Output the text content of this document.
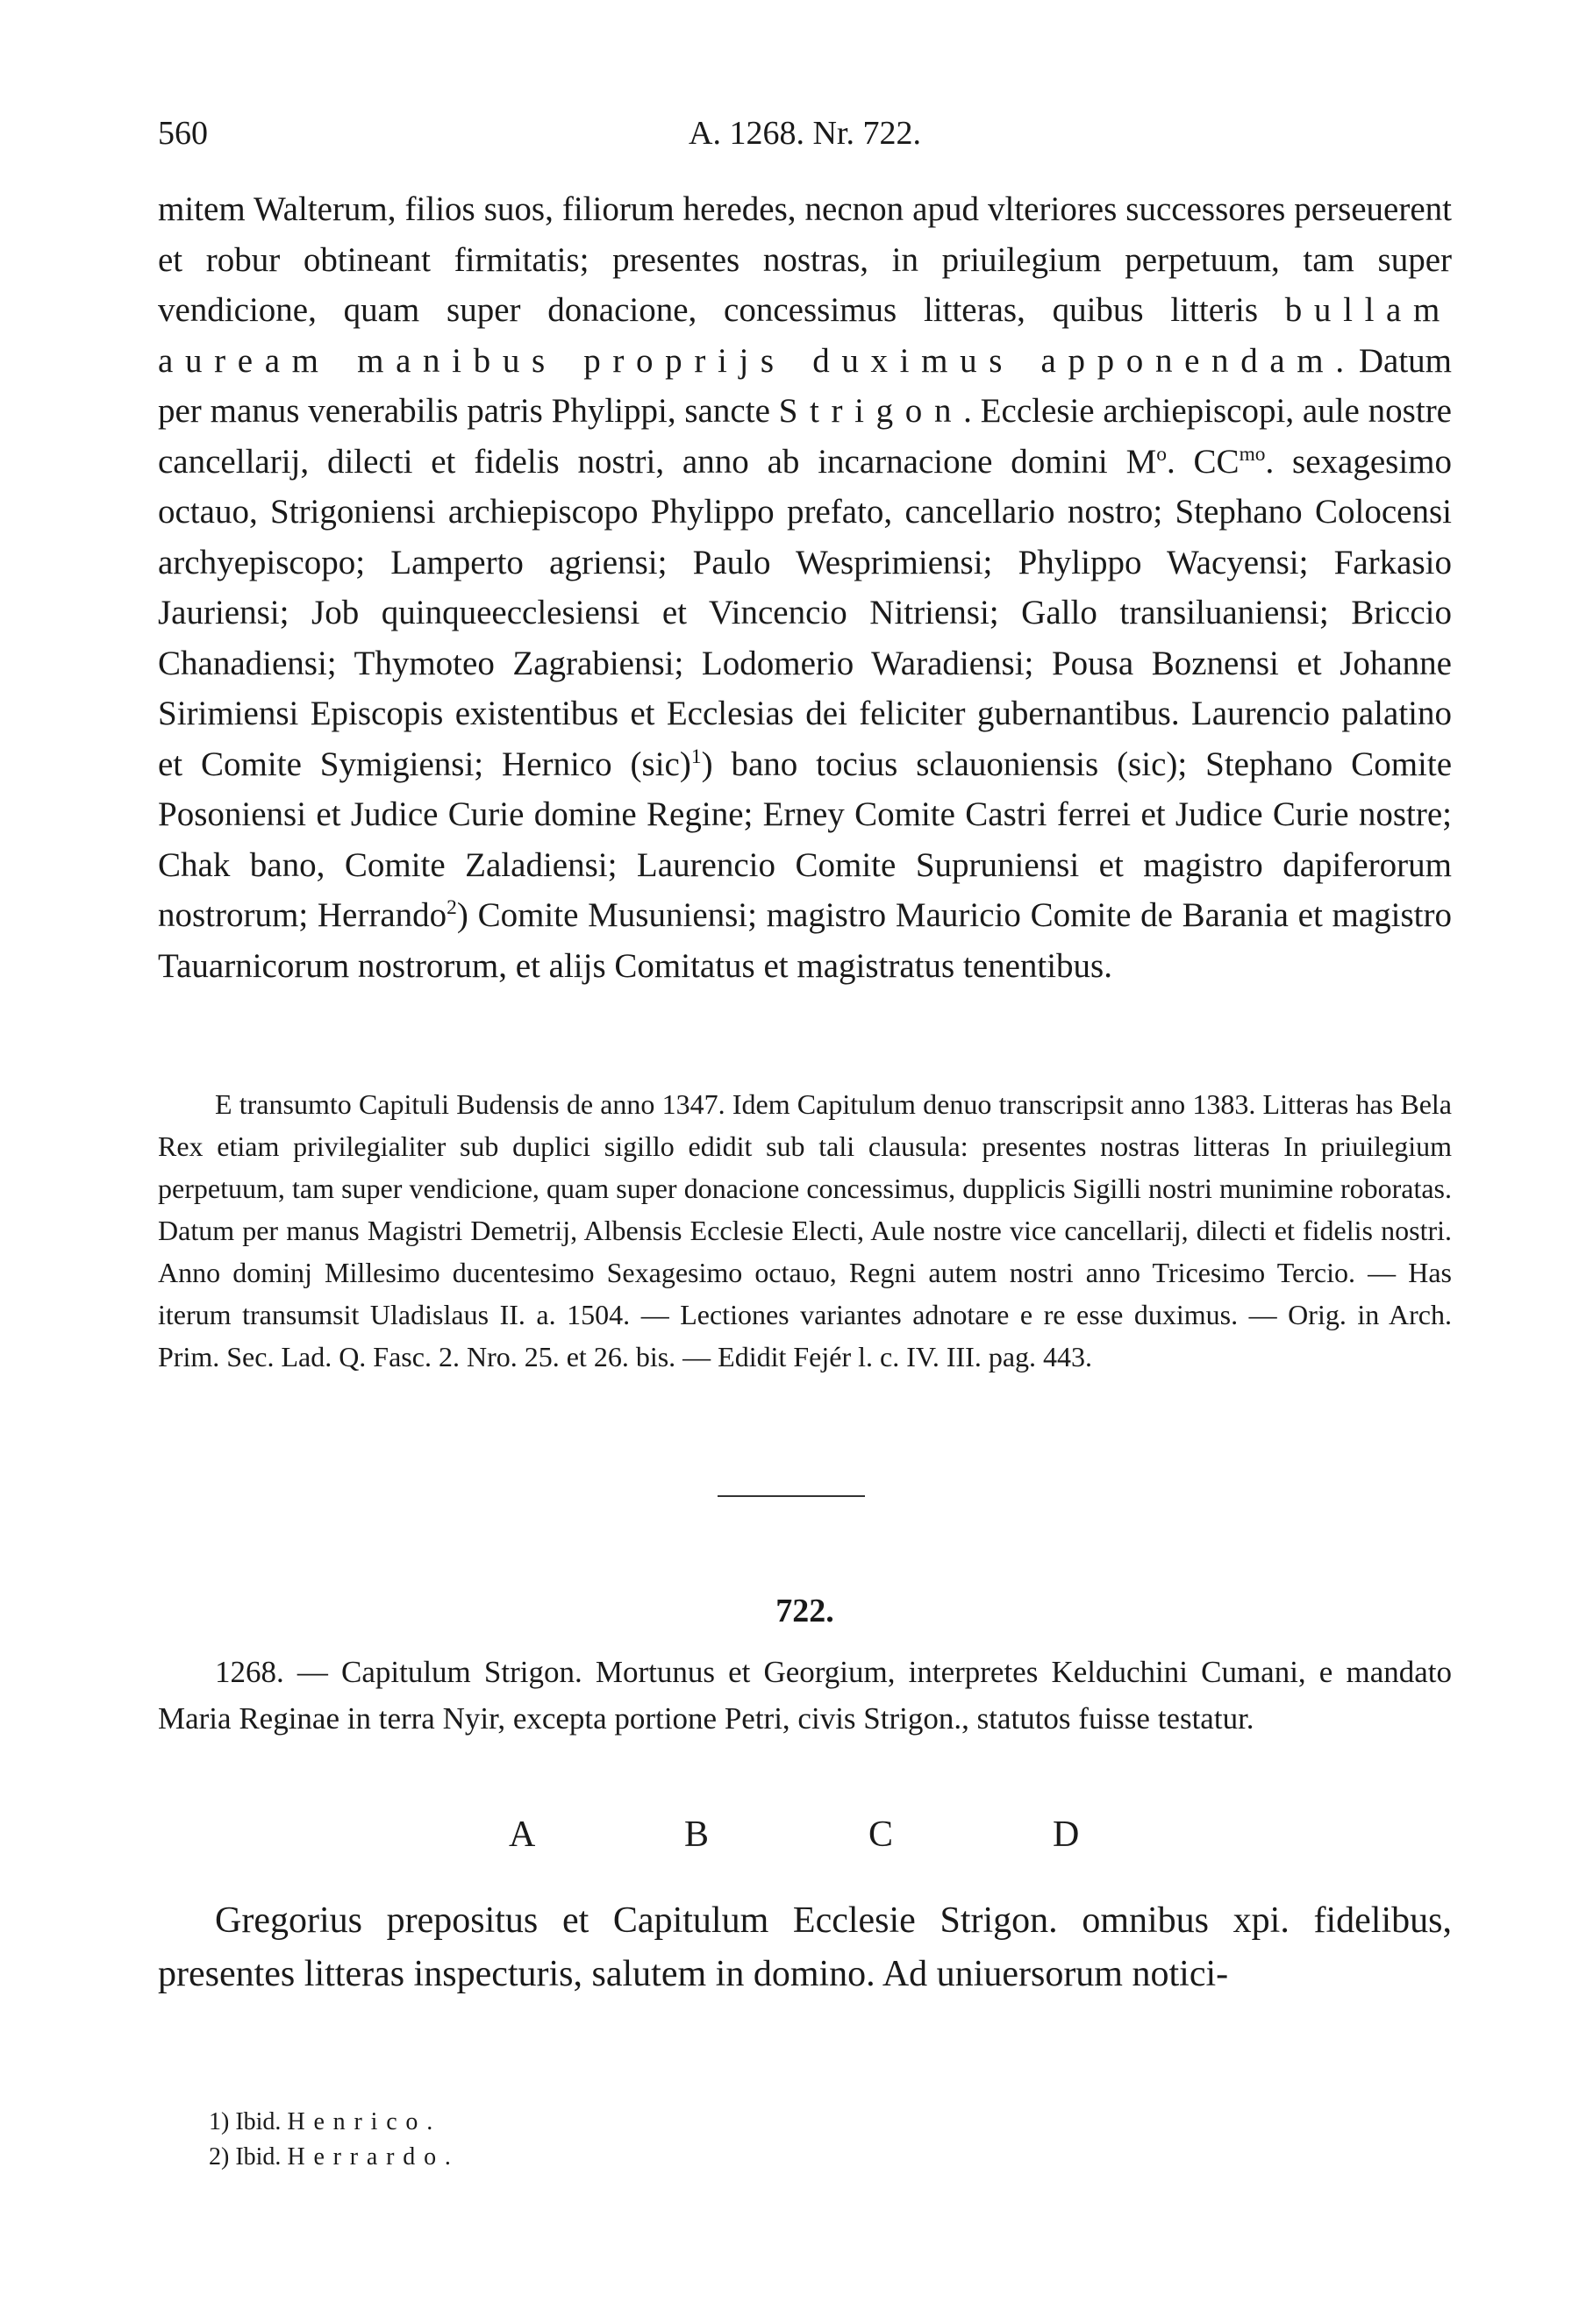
560	A. 1268. Nr. 722.

mitem Walterum, filios suos, filiorum heredes, necnon apud vlteriores successores perseuerent et robur obtineant firmitatis; presentes nostras, in priuilegium perpetuum, tam super vendicione, quam super donacione, concessimus litteras, quibus litteris bullam auream manibus proprijs duximus apponendam. Datum per manus venerabilis patris Phylippi, sancte Strigon. Ecclesie archiepiscopi, aule nostre cancellarij, dilecti et fidelis nostri, anno ab incarnacione domini $M^o$. $CC^{mo}$. sexagesimo octauo, Strigoniensi archiepiscopo Phylippo prefato, cancellario nostro; Stephano Colocensi archyepiscopo; Lamperto agriensi; Paulo Wesprimiensi; Phylippo Wacyensi; Farkasio Jauriensi; Job quinqueecclesiensi et Vincencio Nitriensi; Gallo transiluaniensi; Briccio Chanadiensi; Thymoteo Zagrabiensi; Lodomerio Waradiensi; Pousa Boznensi et Johanne Sirimiensi Episcopis existentibus et Ecclesias dei feliciter gubernantibus. Laurencio palatino et Comite Symigiensi; Hernico (sic)$^1$) bano tocius sclauoniensis (sic); Stephano Comite Posoniensi et Judice Curie domine Regine; Erney Comite Castri ferrei et Judice Curie nostre; Chak bano, Comite Zaladiensi; Laurencio Comite Supruniensi et magistro dapiferorum nostrorum; Herrando$^2$) Comite Musuniensi; magistro Mauricio Comite de Barania et magistro Tauarnicorum nostrorum, et alijs Comitatus et magistratus tenentibus.

E transumto Capituli Budensis de anno 1347. Idem Capitulum denuo transcripsit anno 1383. Litteras has Bela Rex etiam privilegialiter sub duplici sigillo edidit sub tali clausula: presentes nostras litteras In priuilegium perpetuum, tam super vendicione, quam super donacione concessimus, dupplicis Sigilli nostri munimine roboratas. Datum per manus Magistri Demetrij, Albensis Ecclesie Electi, Aule nostre vice cancellarij, dilecti et fidelis nostri. Anno dominj Millesimo ducentesimo Sexagesimo octauo, Regni autem nostri anno Tricesimo Tercio. — Has iterum transumsit Uladislaus II. a. 1504. — Lectiones variantes adnotare e re esse duximus. — Orig. in Arch. Prim. Sec. Lad. Q. Fasc. 2. Nro. 25. et 26. bis. — Edidit Fejér l. c. IV. III. pag. 443.

722.

1268. — Capitulum Strigon. Mortunus et Georgium, interpretes Kelduchini Cumani, e mandato Maria Reginae in terra Nyir, excepta portione Petri, civis Strigon., statutos fuisse testatur.

A	B	C	D

Gregorius prepositus et Capitulum Ecclesie Strigon. omnibus xpi. fidelibus, presentes litteras inspecturis, salutem in domino. Ad uniuersorum notici-

1) Ibid. Henrico.
2) Ibid. Herrardo.
